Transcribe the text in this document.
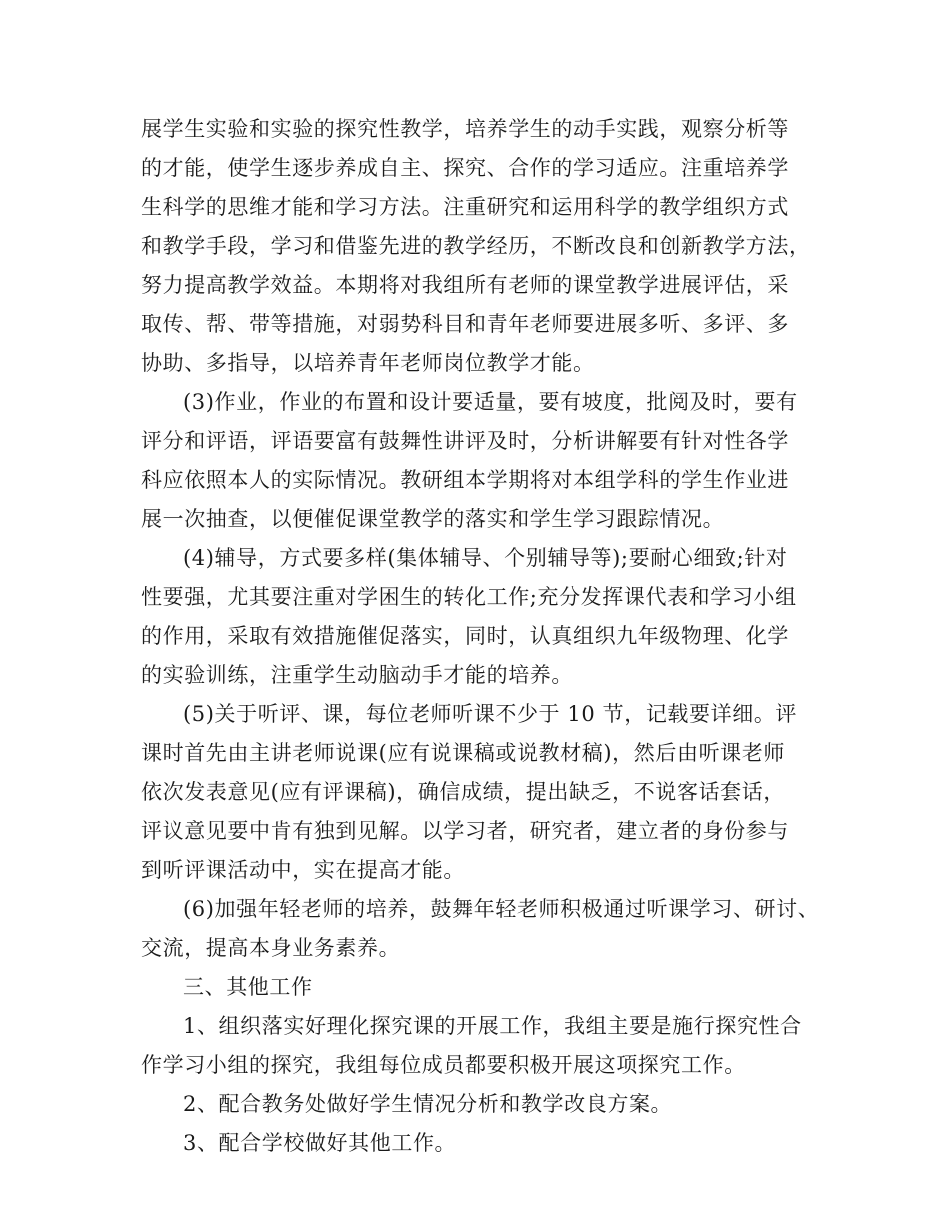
展学生实验和实验的探究性教学，培养学生的动手实践，观察分析等
的才能，使学生逐步养成自主、探究、合作的学习适应。注重培养学
生科学的思维才能和学习方法。注重研究和运用科学的教学组织方式
和教学手段，学习和借鉴先进的教学经历，不断改良和创新教学方法，
努力提高教学效益。本期将对我组所有老师的课堂教学进展评估，采
取传、帮、带等措施，对弱势科目和青年老师要进展多听、多评、多
协助、多指导，以培养青年老师岗位教学才能。

(3)作业，作业的布置和设计要适量，要有坡度，批阅及时，要有
评分和评语，评语要富有鼓舞性讲评及时，分析讲解要有针对性各学
科应依照本人的实际情况。教研组本学期将对本组学科的学生作业进
展一次抽查，以便催促课堂教学的落实和学生学习跟踪情况。

(4)辅导，方式要多样(集体辅导、个别辅导等);要耐心细致;针对
性要强，尤其要注重对学困生的转化工作;充分发挥课代表和学习小组
的作用，采取有效措施催促落实，同时，认真组织九年级物理、化学
的实验训练，注重学生动脑动手才能的培养。

(5)关于听评、课，每位老师听课不少于 10 节，记载要详细。评
课时首先由主讲老师说课(应有说课稿或说教材稿)，然后由听课老师
依次发表意见(应有评课稿)，确信成绩，提出缺乏，不说客话套话，
评议意见要中肯有独到见解。以学习者，研究者，建立者的身份参与
到听评课活动中，实在提高才能。

(6)加强年轻老师的培养，鼓舞年轻老师积极通过听课学习、研讨、
交流，提高本身业务素养。

三、其他工作

1、组织落实好理化探究课的开展工作，我组主要是施行探究性合
作学习小组的探究，我组每位成员都要积极开展这项探究工作。

2、配合教务处做好学生情况分析和教学改良方案。

3、配合学校做好其他工作。
